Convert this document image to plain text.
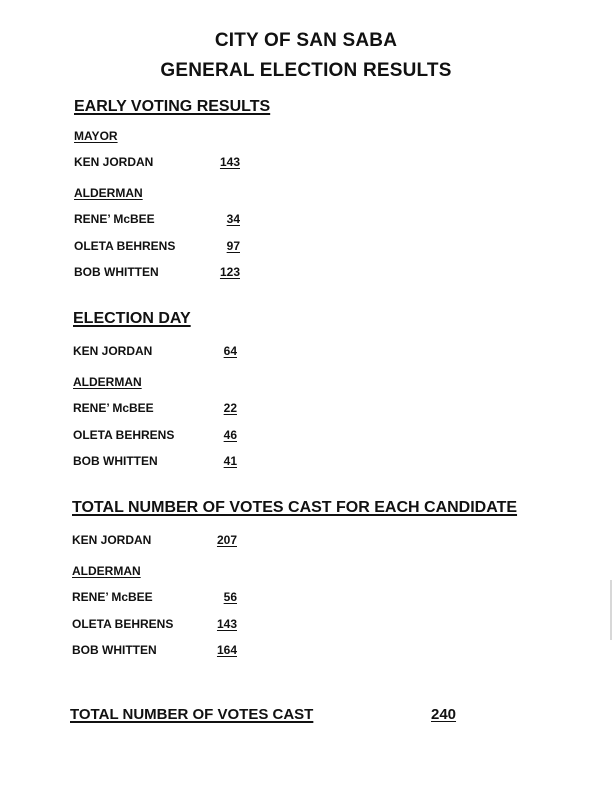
CITY OF SAN SABA
GENERAL ELECTION RESULTS
EARLY VOTING RESULTS
MAYOR
KEN JORDAN	143
ALDERMAN
RENE’ McBEE	34
OLETA BEHRENS	97
BOB WHITTEN	123
ELECTION DAY
KEN JORDAN	64
ALDERMAN
RENE’ McBEE	22
OLETA BEHRENS	46
BOB WHITTEN	41
TOTAL NUMBER OF VOTES CAST FOR EACH CANDIDATE
KEN JORDAN	207
ALDERMAN
RENE’ McBEE	56
OLETA BEHRENS	143
BOB WHITTEN	164
TOTAL NUMBER OF VOTES CAST	240
